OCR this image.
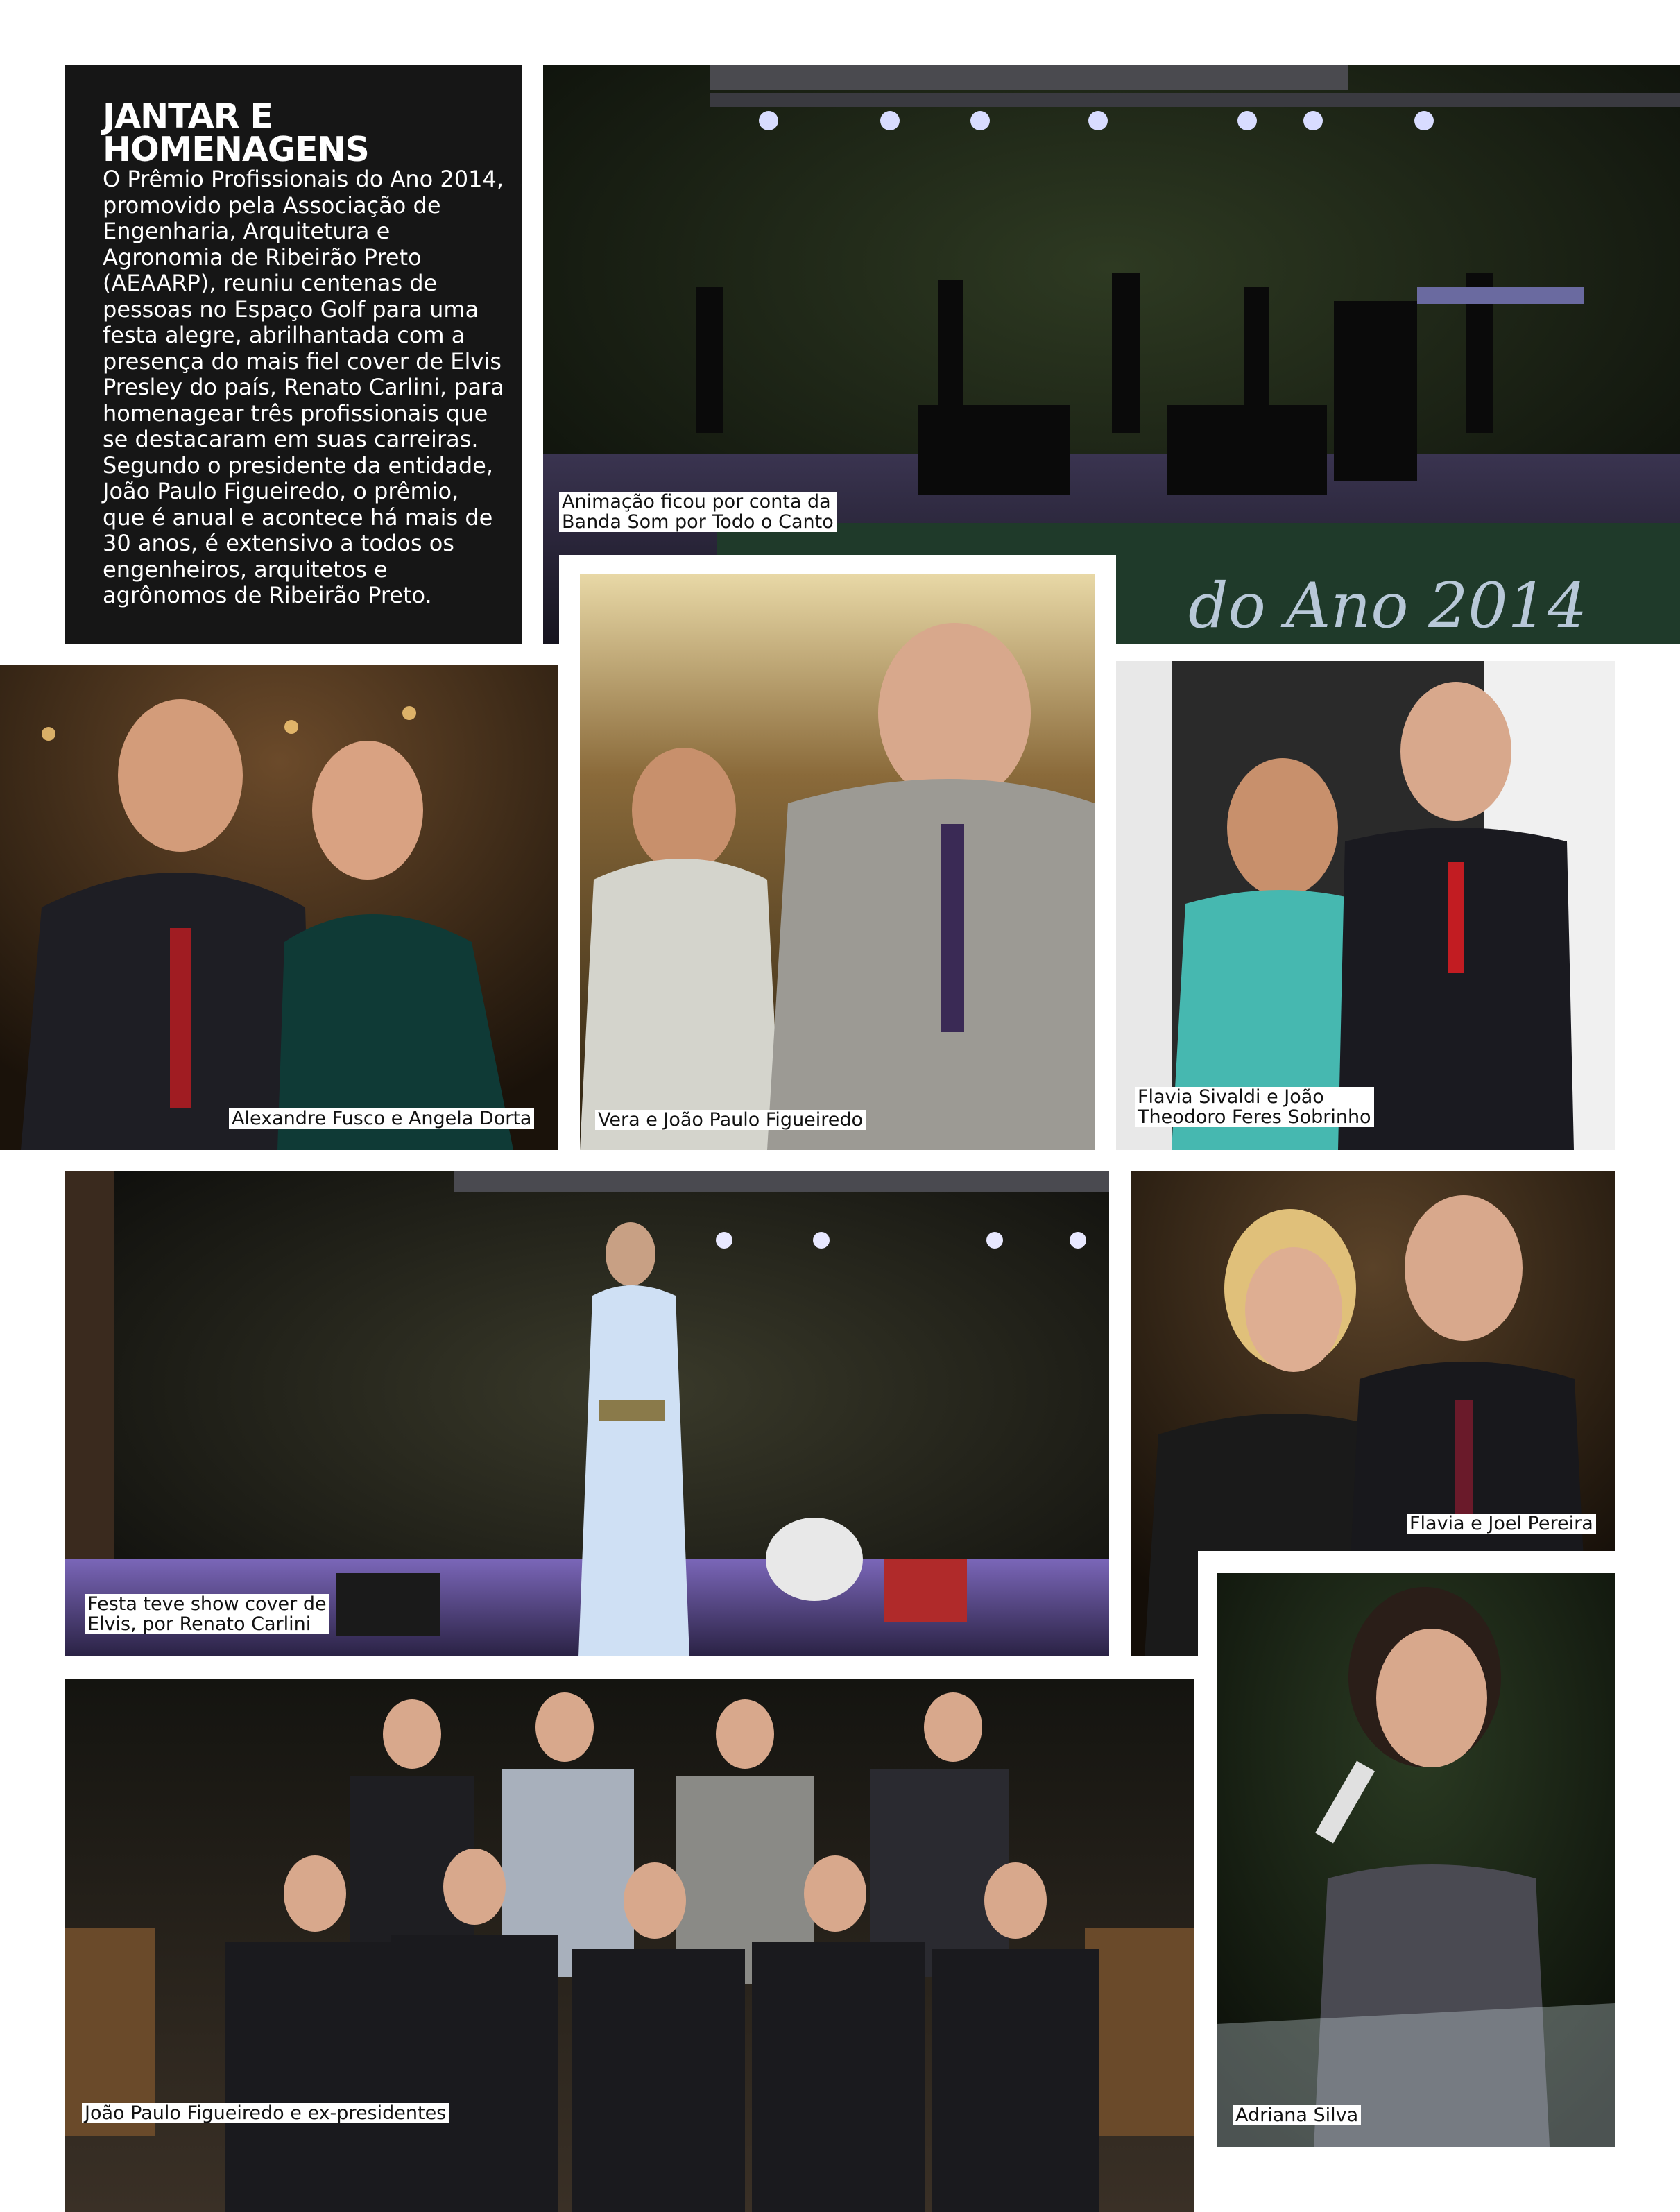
JANTAR E
HOMENAGENS

O Prêmio Profissionais do Ano 2014, promovido pela Associação de Engenharia, Arquitetura e Agronomia de Ribeirão Preto (AEAARP), reuniu centenas de pessoas no Espaço Golf para uma festa alegre, abrilhantada com a presença do mais fiel cover de Elvis Presley do país, Renato Carlini, para homenagear três profissionais que se destacaram em suas carreiras. Segundo o presidente da entidade, João Paulo Figueiredo, o prêmio, que é anual e acontece há mais de 30 anos, é extensivo a todos os engenheiros, arquitetos e agrônomos de Ribeirão Preto.	do Ano 2014
Animação ficou por conta da
Banda Som por Todo o Canto
Alexandre Fusco e Angela Dorta	Vera e João Paulo Figueiredo
Flavia Sivaldi e João
Theodoro Feres Sobrinho
Festa teve show cover de
Elvis, por Renato Carlini
Flavia e Joel Pereira
Adriana Silva
João Paulo Figueiredo e ex-presidentes
